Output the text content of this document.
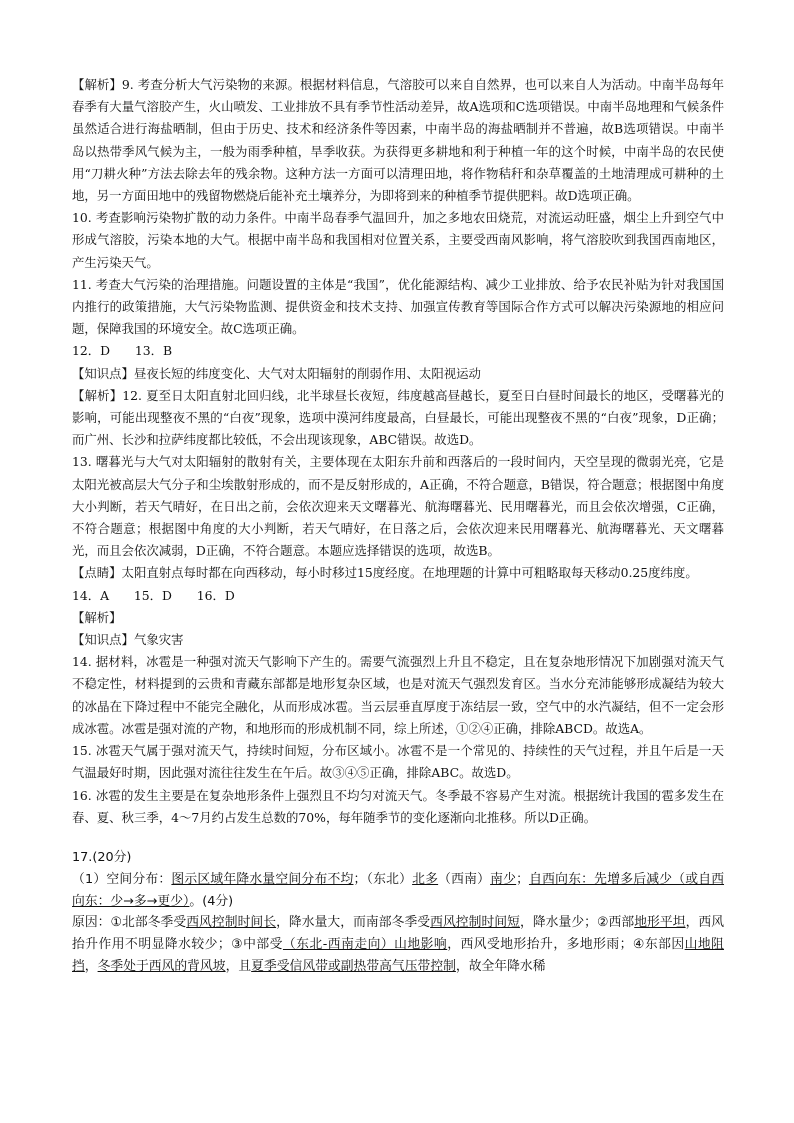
【解析】9. 考查分析大气污染物的来源。根据材料信息，气溶胶可以来自自然界，也可以来自人为活动。中南半岛每年春季有大量气溶胶产生，火山喷发、工业排放不具有季节性活动差异，故A选项和C选项错误。中南半岛地理和气候条件虽然适合进行海盐晒制，但由于历史、技术和经济条件等因素，中南半岛的海盐晒制并不普遍，故B选项错误。中南半岛以热带季风气候为主，一般为雨季种植，旱季收获。为获得更多耕地和利于种植一年的这个时候，中南半岛的农民使用“刀耕火种”方法去除去年的残余物。这种方法一方面可以清理田地，将作物秸秆和杂草覆盖的土地清理成可耕种的土地，另一方面田地中的残留物燃烧后能补充土壤养分，为即将到来的种植季节提供肥料。故D选项正确。

10. 考查影响污染物扩散的动力条件。中南半岛春季气温回升，加之多地农田烧荒，对流运动旺盛，烟尘上升到空气中形成气溶胶，污染本地的大气。根据中南半岛和我国相对位置关系，主要受西南风影响，将气溶胶吹到我国西南地区，产生污染天气。

11. 考查大气污染的治理措施。问题设置的主体是“我国”，优化能源结构、减少工业排放、给予农民补贴为针对我国国内推行的政策措施，大气污染物监测、提供资金和技术支持、加强宣传教育等国际合作方式可以解决污染源地的相应问题，保障我国的环境安全。故C选项正确。

12．D　　13．B

【知识点】昼夜长短的纬度变化、大气对太阳辐射的削弱作用、太阳视运动

【解析】12. 夏至日太阳直射北回归线，北半球昼长夜短，纬度越高昼越长，夏至日白昼时间最长的地区，受曙暮光的影响，可能出现整夜不黑的“白夜”现象，选项中漠河纬度最高，白昼最长，可能出现整夜不黑的“白夜”现象，D正确；而广州、长沙和拉萨纬度都比较低，不会出现该现象，ABC错误。故选D。

13. 曙暮光与大气对太阳辐射的散射有关，主要体现在太阳东升前和西落后的一段时间内，天空呈现的微弱光亮，它是太阳光被高层大气分子和尘埃散射形成的，而不是反射形成的，A正确，不符合题意，B错误，符合题意；根据图中角度大小判断，若天气晴好，在日出之前，会依次迎来天文曙暮光、航海曙暮光、民用曙暮光，而且会依次增强，C正确，不符合题意；根据图中角度的大小判断，若天气晴好，在日落之后，会依次迎来民用曙暮光、航海曙暮光、天文曙暮光，而且会依次减弱，D正确，不符合题意。本题应选择错误的选项，故选B。

【点睛】太阳直射点每时都在向西移动，每小时移过15度经度。在地理题的计算中可粗略取每天移动0.25度纬度。

14．A　　15．D　　16．D

【解析】

【知识点】气象灾害

14. 据材料，冰雹是一种强对流天气影响下产生的。需要气流强烈上升且不稳定，且在复杂地形情况下加剧强对流天气不稳定性，材料提到的云贵和青藏东部都是地形复杂区域，也是对流天气强烈发育区。当水分充沛能够形成凝结为较大的冰晶在下降过程中不能完全融化，从而形成冰雹。当云层垂直厚度于冻结层一致，空气中的水汽凝结，但不一定会形成冰雹。冰雹是强对流的产物，和地形而的形成机制不同，综上所述，①②④正确，排除ABCD。故选A。

15. 冰雹天气属于强对流天气，持续时间短，分布区域小。冰雹不是一个常见的、持续性的天气过程，并且午后是一天气温最好时期，因此强对流往往发生在午后。故③④⑤正确，排除ABC。故选D。

16. 冰雹的发生主要是在复杂地形条件上强烈且不均匀对流天气。冬季最不容易产生对流。根据统计我国的雹多发生在春、夏、秋三季，4～7月约占发生总数的70%，每年随季节的变化逐渐向北推移。所以D正确。

17.(20分)

（1）空间分布：图示区域年降水量空间分布不均；（东北）北多（西南）南少；自西向东：先增多后减少（或自西向东：少→多→更少）。(4分)

原因：①北部冬季受西风控制时间长，降水量大，而南部冬季受西风控制时间短，降水量少；②西部地形平坦，西风抬升作用不明显降水较少；③中部受（东北-西南走向）山地影响，西风受地形抬升，多地形雨；④东部因山地阻挡，冬季处于西风的背风坡，且夏季受信风带或副热带高气压带控制，故全年降水稀
